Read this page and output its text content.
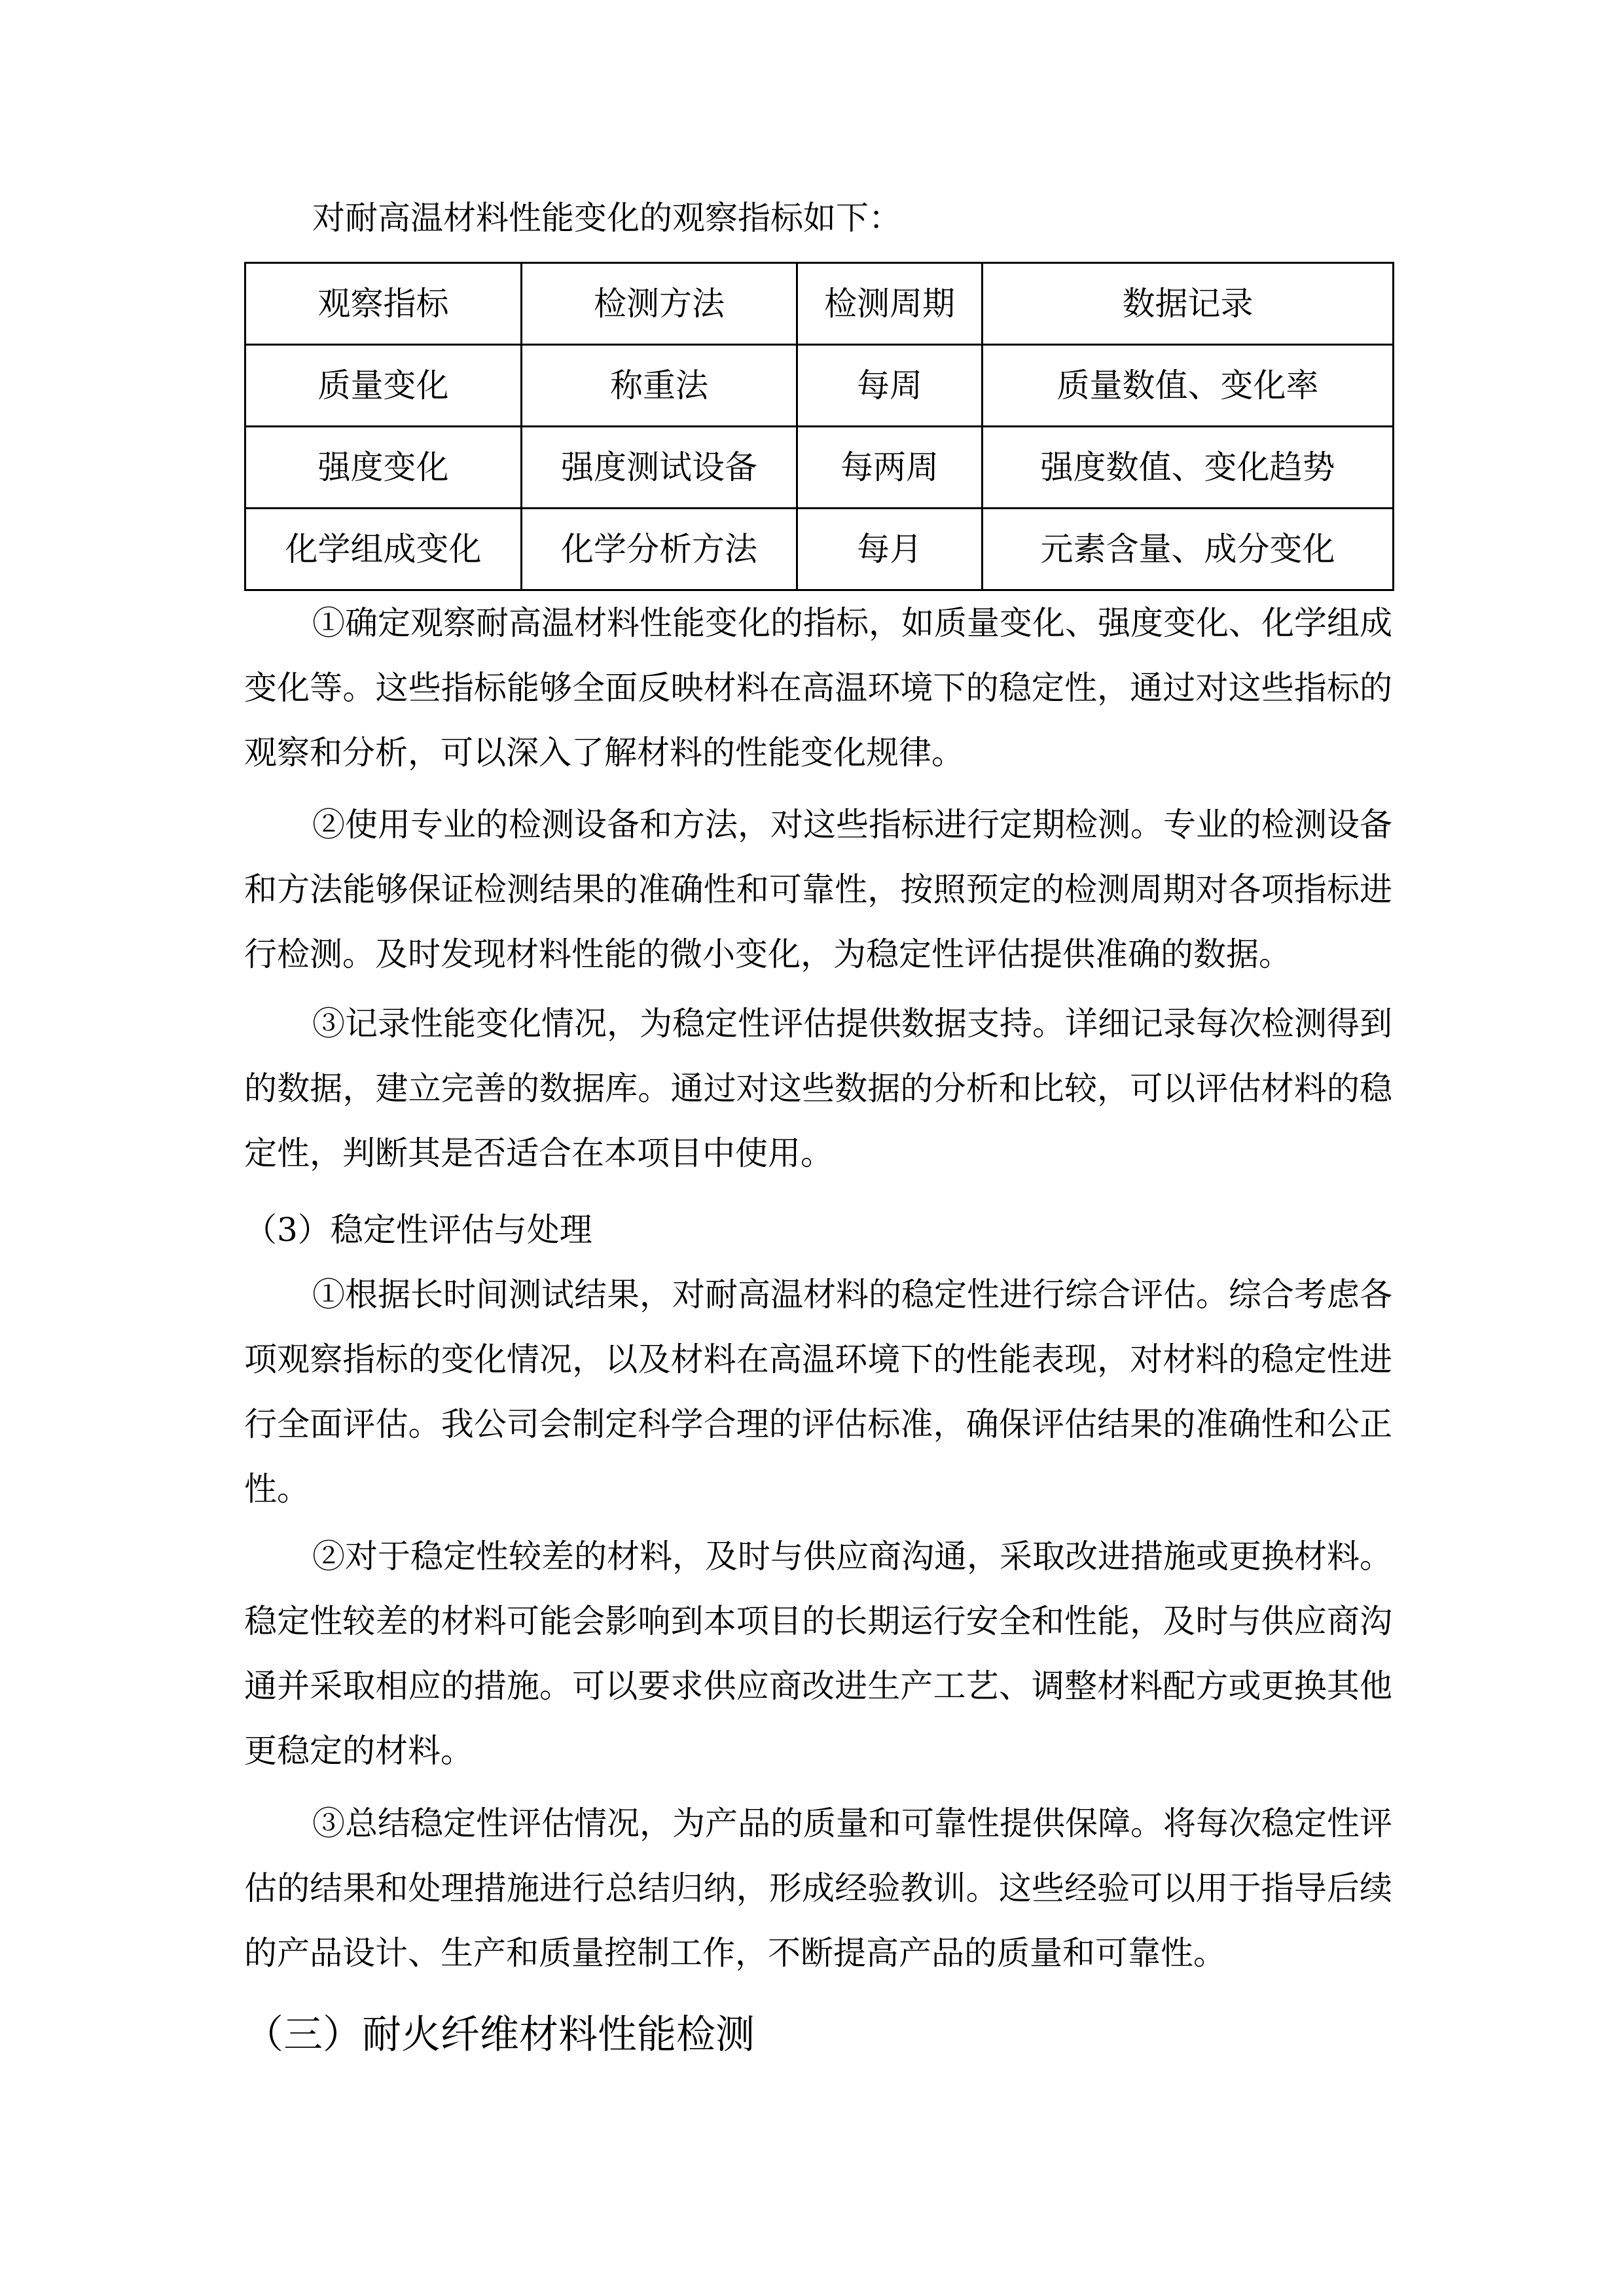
对耐高温材料性能变化的观察指标如下：

观察指标	检测方法	检测周期	数据记录
质量变化	称重法	每周	质量数值、变化率
强度变化	强度测试设备	每两周	强度数值、变化趋势
化学组成变化	化学分析方法	每月	元素含量、成分变化

①确定观察耐高温材料性能变化的指标，如质量变化、强度变化、化学组成变化等。这些指标能够全面反映材料在高温环境下的稳定性，通过对这些指标的观察和分析，可以深入了解材料的性能变化规律。

②使用专业的检测设备和方法，对这些指标进行定期检测。专业的检测设备和方法能够保证检测结果的准确性和可靠性，按照预定的检测周期对各项指标进行检测。及时发现材料性能的微小变化，为稳定性评估提供准确的数据。

③记录性能变化情况，为稳定性评估提供数据支持。详细记录每次检测得到的数据，建立完善的数据库。通过对这些数据的分析和比较，可以评估材料的稳定性，判断其是否适合在本项目中使用。

（3）稳定性评估与处理

①根据长时间测试结果，对耐高温材料的稳定性进行综合评估。综合考虑各项观察指标的变化情况，以及材料在高温环境下的性能表现，对材料的稳定性进行全面评估。我公司会制定科学合理的评估标准，确保评估结果的准确性和公正性。

②对于稳定性较差的材料，及时与供应商沟通，采取改进措施或更换材料。稳定性较差的材料可能会影响到本项目的长期运行安全和性能，及时与供应商沟通并采取相应的措施。可以要求供应商改进生产工艺、调整材料配方或更换其他更稳定的材料。

③总结稳定性评估情况，为产品的质量和可靠性提供保障。将每次稳定性评估的结果和处理措施进行总结归纳，形成经验教训。这些经验可以用于指导后续的产品设计、生产和质量控制工作，不断提高产品的质量和可靠性。

（三）耐火纤维材料性能检测
